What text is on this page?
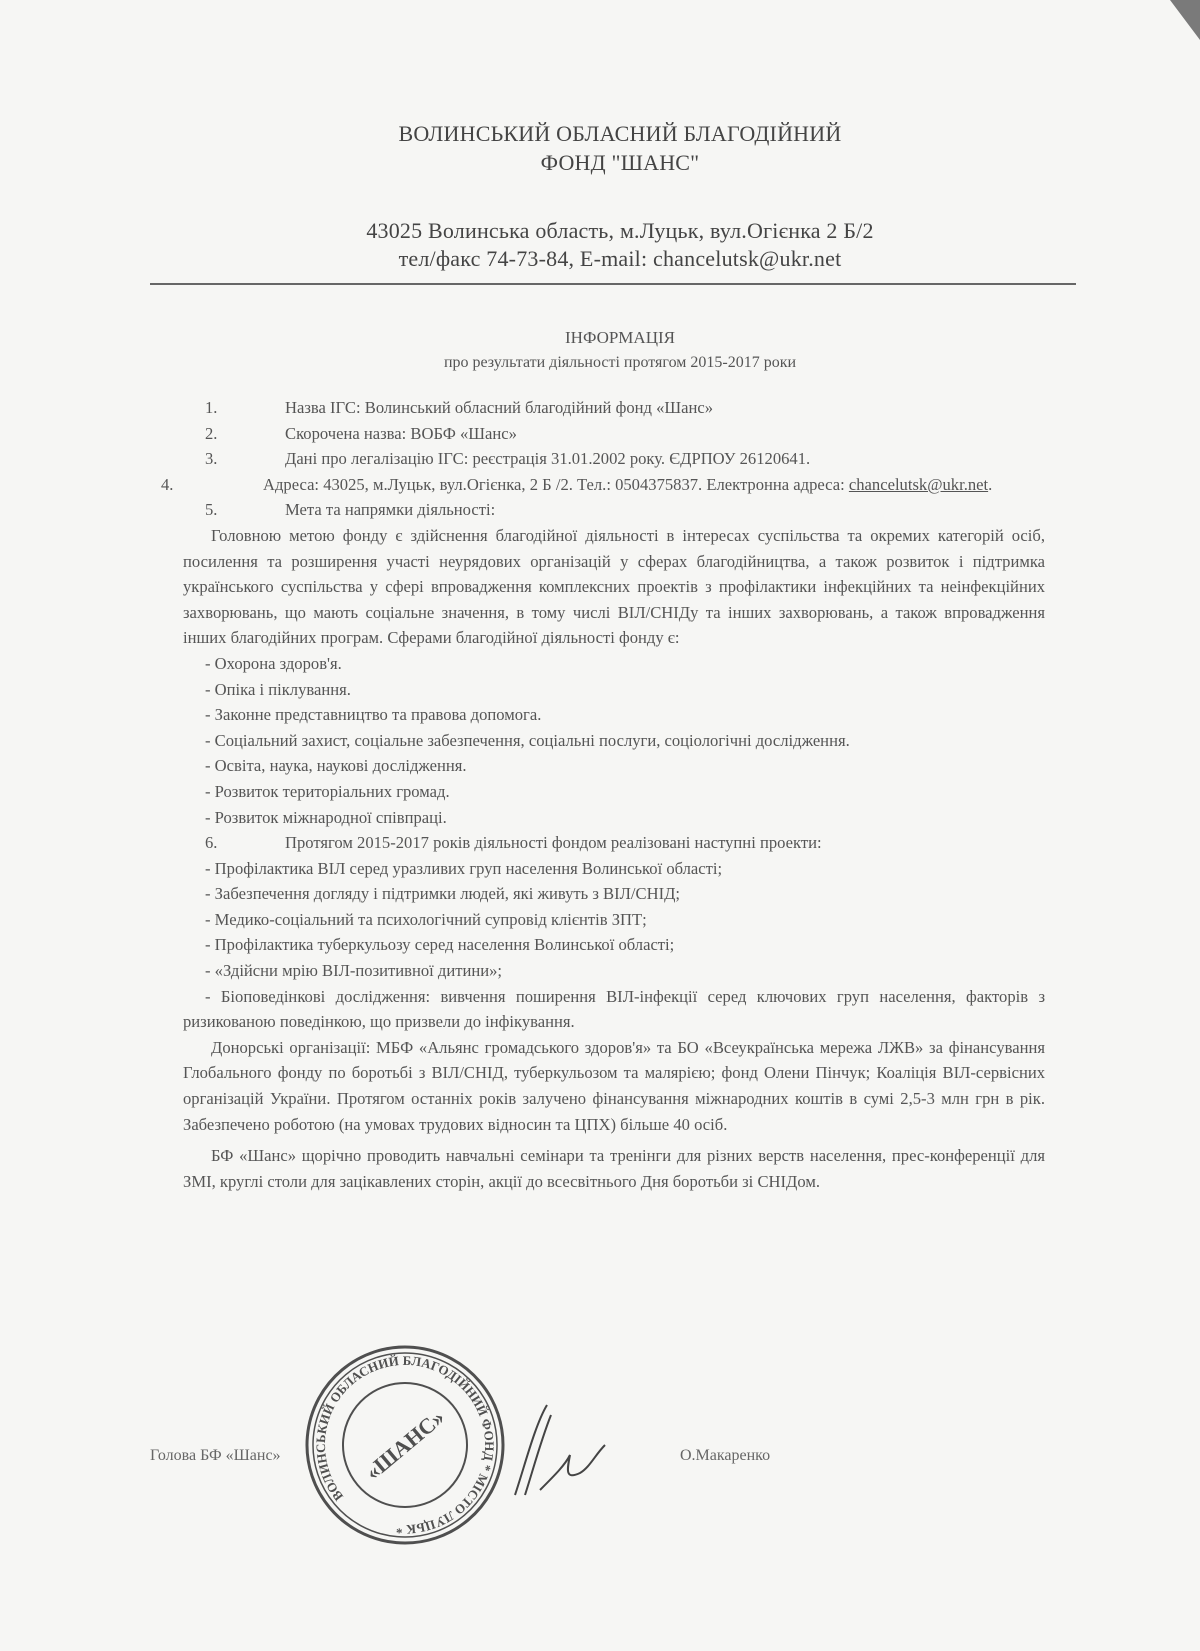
ВОЛИНСЬКИЙ ОБЛАСНИЙ БЛАГОДІЙНИЙ
ФОНД "ШАНС"
43025 Волинська область, м.Луцьк, вул.Огієнка 2 Б/2
тел/факс 74-73-84, E-mail: chancelutsk@ukr.net
ІНФОРМАЦІЯ
про результати діяльності протягом 2015-2017 роки

1.	Назва ІГС: Волинський обласний благодійний фонд «Шанс»

2.	Скорочена назва: ВОБФ «Шанс»

3.	Дані про легалізацію ІГС: реєстрація 31.01.2002 року. ЄДРПОУ 26120641.

4.	Адреса: 43025, м.Луцьк, вул.Огієнка, 2 Б /2. Тел.: 0504375837. Електронна адреса: chancelutsk@ukr.net.

5.	Мета та напрямки діяльності:

Головною метою фонду є здійснення благодійної діяльності в інтересах суспільства та окремих категорій осіб, посилення та розширення участі неурядових організацій у сферах благодійництва, а також розвиток і підтримка українського суспільства у сфері впровадження комплексних проектів з профілактики інфекційних та неінфекційних захворювань, що мають соціальне значення, в тому числі ВІЛ/СНІДу та інших захворювань, а також впровадження інших благодійних програм. Сферами благодійної діяльності фонду є:

- Охорона здоров'я.

- Опіка і піклування.

- Законне представництво та правова допомога.

- Соціальний захист, соціальне забезпечення, соціальні послуги, соціологічні дослідження.

- Освіта, наука, наукові дослідження.

- Розвиток територіальних громад.

- Розвиток міжнародної співпраці.

6.	Протягом 2015-2017 років діяльності фондом реалізовані наступні проекти:

- Профілактика ВІЛ серед уразливих груп населення Волинської області;

- Забезпечення догляду і підтримки людей, які живуть з ВІЛ/СНІД;

- Медико-соціальний та психологічний супровід клієнтів ЗПТ;

- Профілактика туберкульозу серед населення Волинської області;

- «Здійсни мрію ВІЛ-позитивної дитини»;

- Біоповедінкові дослідження: вивчення поширення ВІЛ-інфекції серед ключових груп населення, факторів з ризикованою поведінкою, що призвели до інфікування.

Донорські організації: МБФ «Альянс громадського здоров'я» та БО «Всеукраїнська мережа ЛЖВ» за фінансування Глобального фонду по боротьбі з ВІЛ/СНІД, туберкульозом та малярією; фонд Олени Пінчук; Коаліція ВІЛ-сервісних організацій України. Протягом останніх років залучено фінансування міжнародних коштів в сумі 2,5-3 млн грн в рік. Забезпечено роботою (на умовах трудових відносин та ЦПХ) більше 40 осіб.

БФ «Шанс» щорічно проводить навчальні семінари та тренінги для різних верств населення, прес-конференції для ЗМІ, круглі столи для зацікавлених сторін, акції до всесвітнього Дня боротьби зі СНІДом.

Голова БФ «Шанс»	О.Макаренко
ВОЛИНСЬКИЙ ОБЛАСНИЙ БЛАГОДІЙНИЙ ФОНД * МІСТО ЛУЦЬК *
«ШАНС»
